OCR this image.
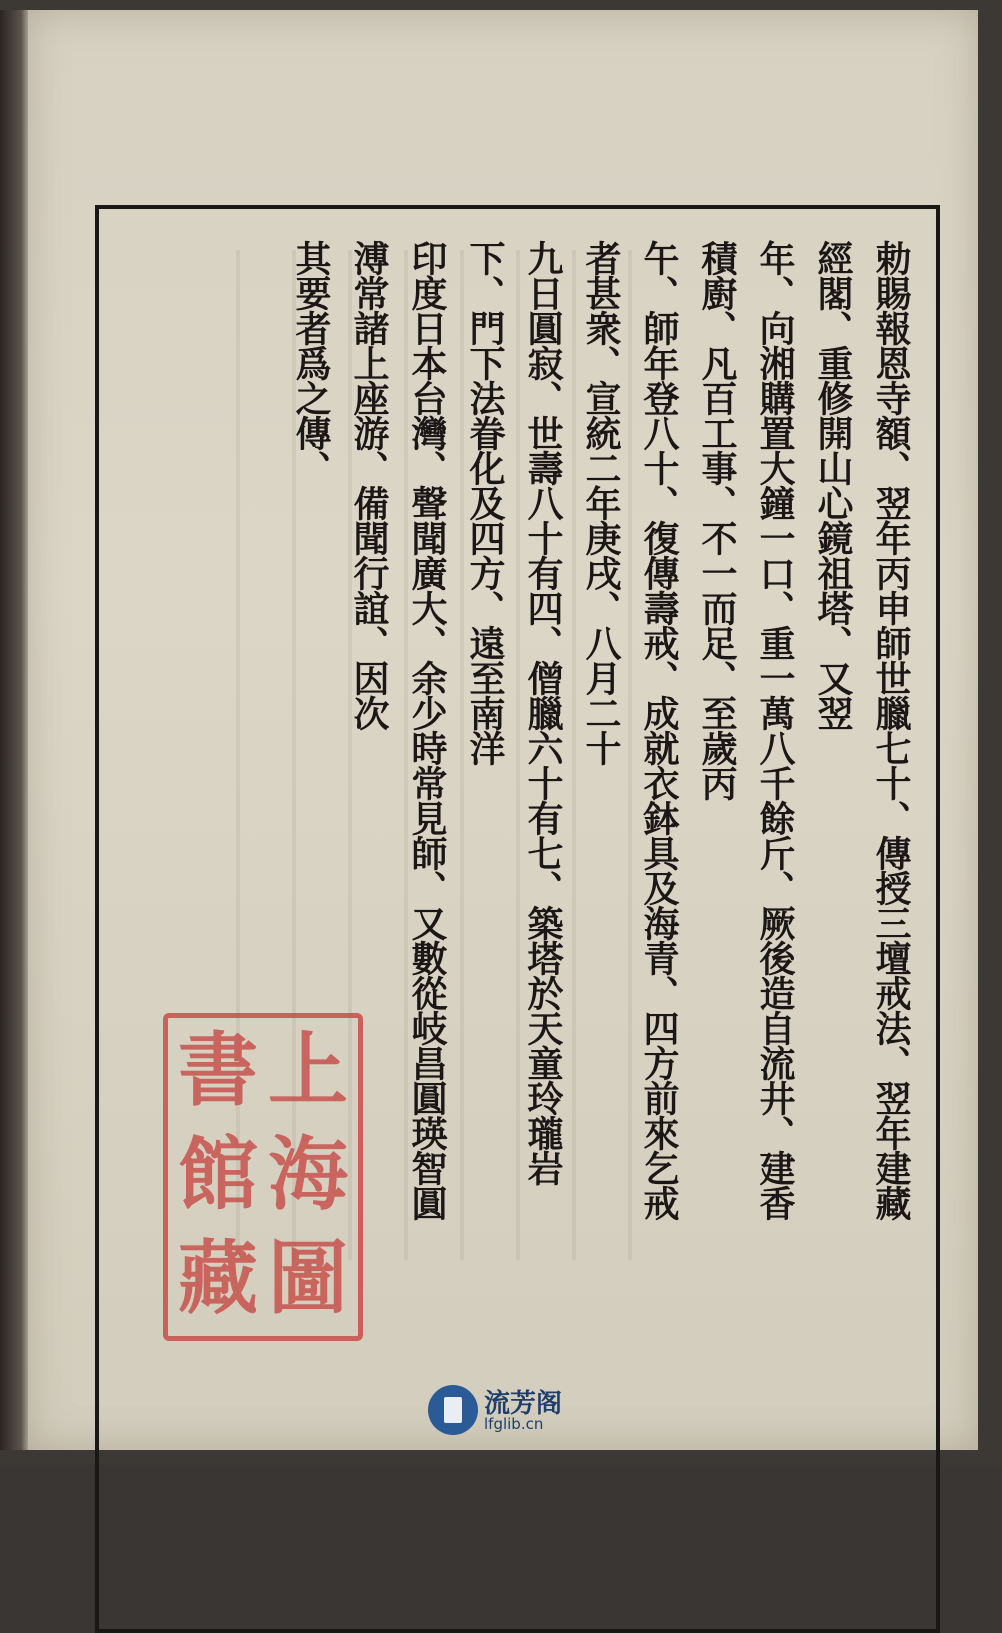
勅賜報恩寺額、翌年丙申師世臘七十、傳授三壇戒法、翌年建藏經閣、重修開山心鏡祖塔、又翌
年、向湘購置大鐘一口、重一萬八千餘斤、厥後造自流井、建香積廚、凡百工事、不一而足、至歲丙
午、師年登八十、復傳壽戒、成就衣鉢具及海青、四方前來乞戒者甚衆、宣統二年庚戌、八月二十
九日圓寂、世壽八十有四、僧臘六十有七、築塔於天童玲瓏岩下、門下法眷化及四方、遠至南洋
印度日本台灣、聲聞廣大、余少時常見師、又數從岐昌圓瑛智圓溥常諸上座游、備聞行誼、因次
其要者爲之傳、
上
海
圖
書
館
藏
流芳阁
lfglib.cn
